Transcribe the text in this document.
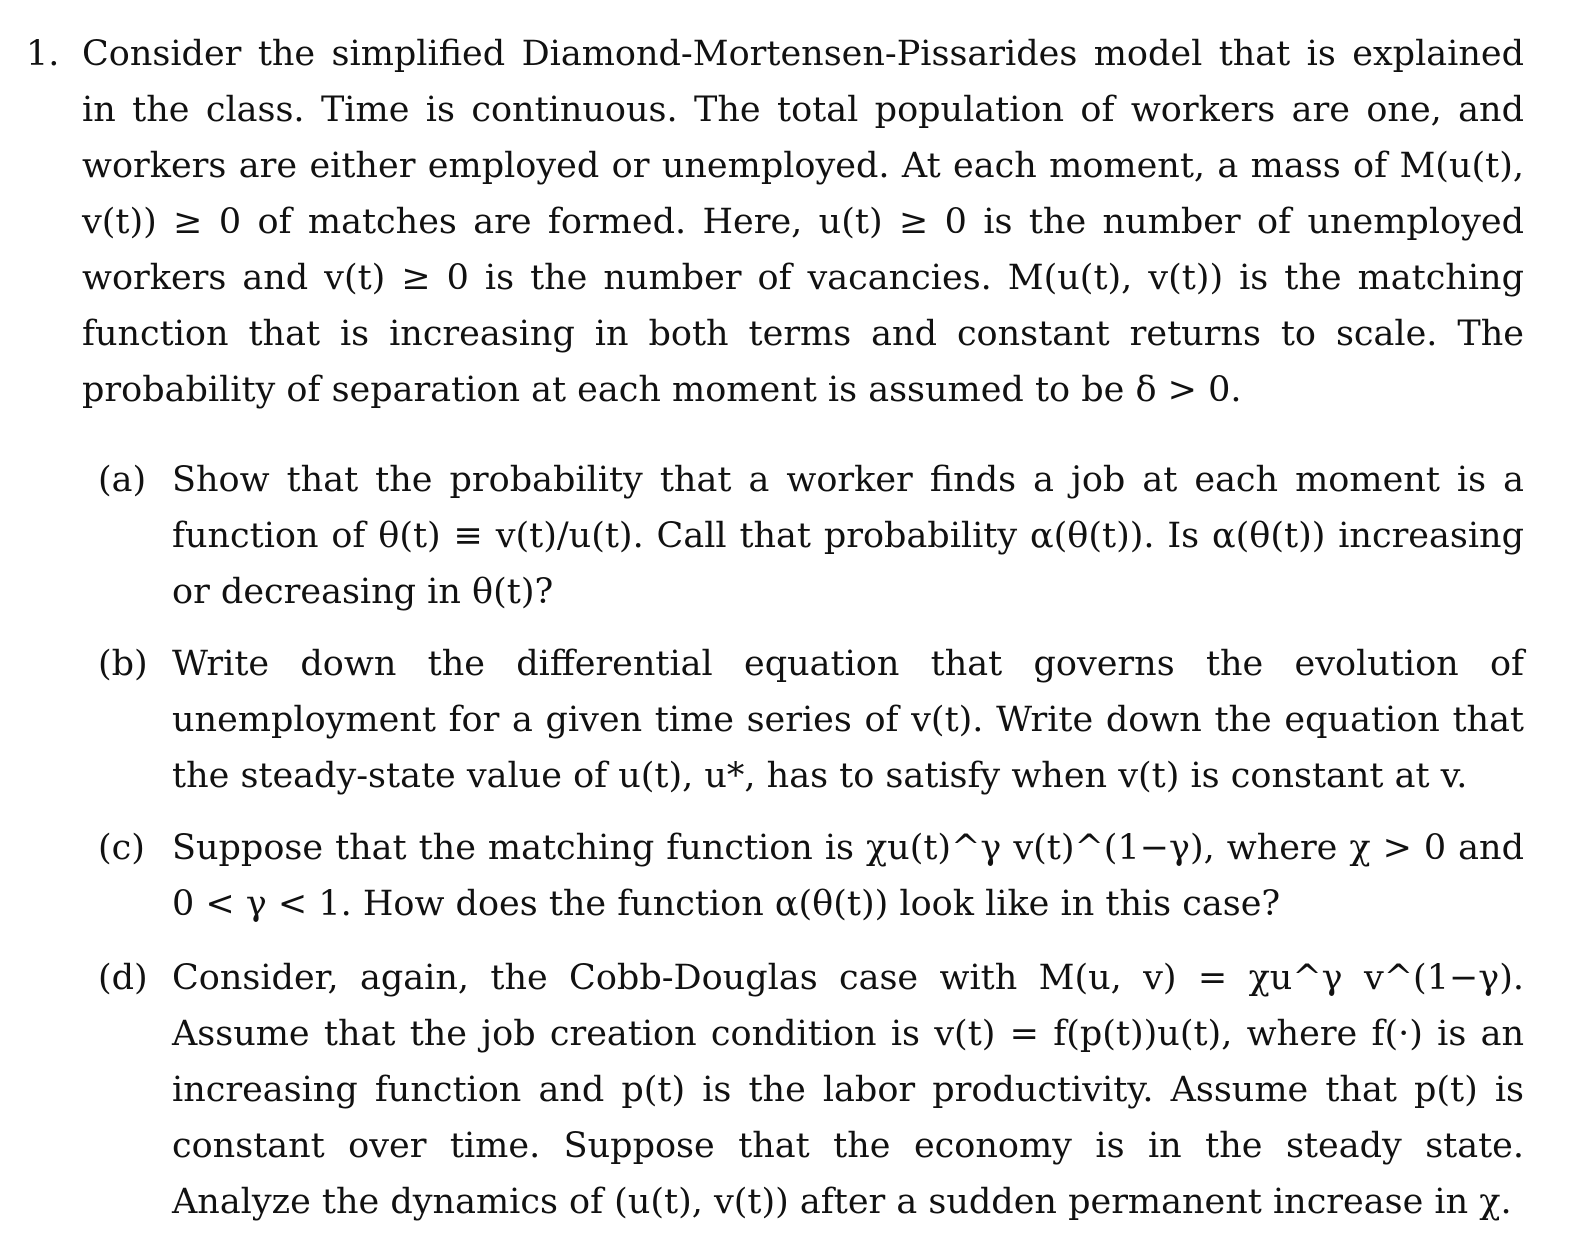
1. Consider the simplified Diamond-Mortensen-Pissarides model that is explained in the class. Time is continuous. The total population of workers are one, and workers are either employed or unemployed. At each moment, a mass of M(u(t), v(t)) ≥ 0 of matches are formed. Here, u(t) ≥ 0 is the number of unemployed workers and v(t) ≥ 0 is the number of vacancies. M(u(t), v(t)) is the matching function that is increasing in both terms and constant returns to scale. The probability of separation at each moment is assumed to be δ > 0.
(a) Show that the probability that a worker finds a job at each moment is a function of θ(t) ≡ v(t)/u(t). Call that probability α(θ(t)). Is α(θ(t)) increasing or decreasing in θ(t)?
(b) Write down the differential equation that governs the evolution of unemployment for a given time series of v(t). Write down the equation that the steady-state value of u(t), u*, has to satisfy when v(t) is constant at v.
(c) Suppose that the matching function is χu(t)^γ v(t)^(1−γ), where χ > 0 and 0 < γ < 1. How does the function α(θ(t)) look like in this case?
(d) Consider, again, the Cobb-Douglas case with M(u, v) = χu^γ v^(1−γ). Assume that the job creation condition is v(t) = f(p(t))u(t), where f(·) is an increasing function and p(t) is the labor productivity. Assume that p(t) is constant over time. Suppose that the economy is in the steady state. Analyze the dynamics of (u(t), v(t)) after a sudden permanent increase in χ.
